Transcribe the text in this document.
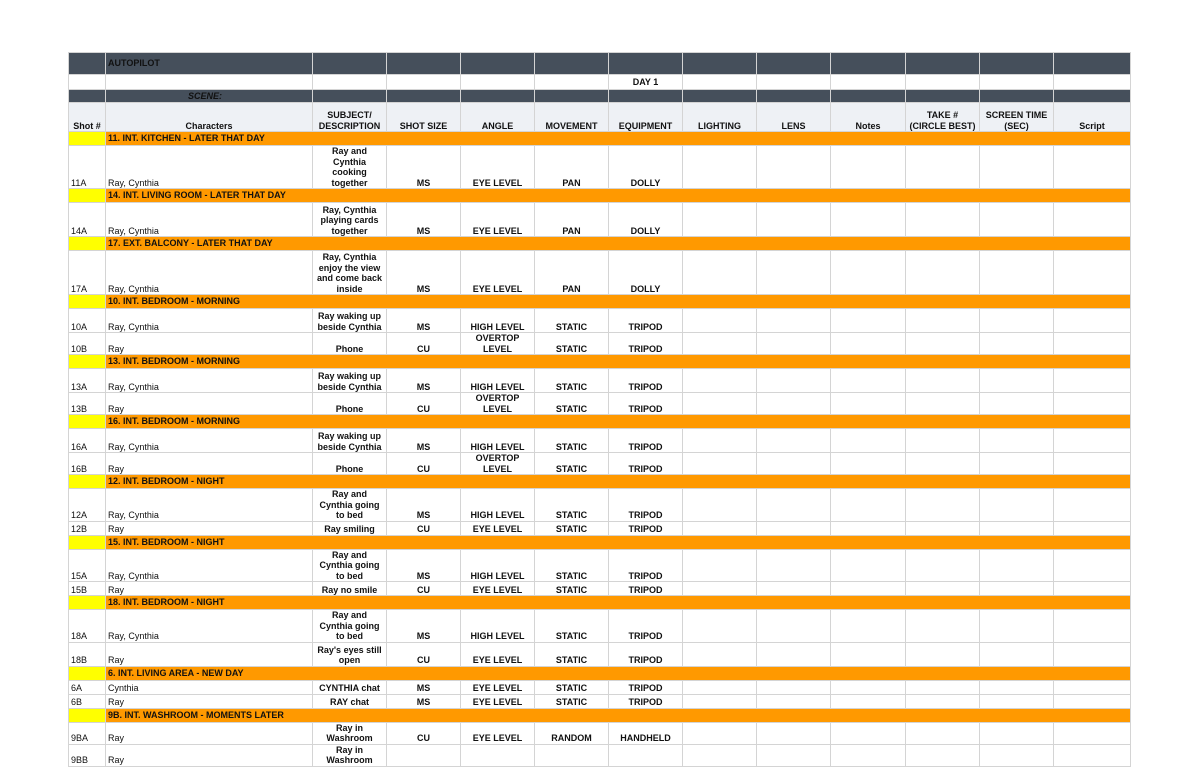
	AUTOPILOT											
						DAY 1						
	SCENE:											
Shot #	Characters	SUBJECT/ DESCRIPTION	SHOT SIZE	ANGLE	MOVEMENT	EQUIPMENT	LIGHTING	LENS	Notes	TAKE # (CIRCLE BEST)	SCREEN TIME (SEC)	Script
	11. INT. KITCHEN - LATER THAT DAY											
11A	Ray, Cynthia	Ray and Cynthia cooking together	MS	EYE LEVEL	PAN	DOLLY						
	14. INT. LIVING ROOM - LATER THAT DAY											
14A	Ray, Cynthia	Ray, Cynthia playing cards together	MS	EYE LEVEL	PAN	DOLLY						
	17. EXT. BALCONY - LATER THAT DAY											
17A	Ray, Cynthia	Ray, Cynthia enjoy the view and come back inside	MS	EYE LEVEL	PAN	DOLLY						
	10. INT. BEDROOM - MORNING											
10A	Ray, Cynthia	Ray waking up beside Cynthia	MS	HIGH LEVEL	STATIC	TRIPOD						
10B	Ray	Phone	CU	OVERTOP LEVEL	STATIC	TRIPOD						
	13. INT. BEDROOM - MORNING											
13A	Ray, Cynthia	Ray waking up beside Cynthia	MS	HIGH LEVEL	STATIC	TRIPOD						
13B	Ray	Phone	CU	OVERTOP LEVEL	STATIC	TRIPOD						
	16. INT. BEDROOM - MORNING											
16A	Ray, Cynthia	Ray waking up beside Cynthia	MS	HIGH LEVEL	STATIC	TRIPOD						
16B	Ray	Phone	CU	OVERTOP LEVEL	STATIC	TRIPOD						
	12. INT. BEDROOM - NIGHT											
12A	Ray, Cynthia	Ray and Cynthia going to bed	MS	HIGH LEVEL	STATIC	TRIPOD						
12B	Ray	Ray smiling	CU	EYE LEVEL	STATIC	TRIPOD						
	15. INT. BEDROOM - NIGHT											
15A	Ray, Cynthia	Ray and Cynthia going to bed	MS	HIGH LEVEL	STATIC	TRIPOD						
15B	Ray	Ray no smile	CU	EYE LEVEL	STATIC	TRIPOD						
	18. INT. BEDROOM - NIGHT											
18A	Ray, Cynthia	Ray and Cynthia going to bed	MS	HIGH LEVEL	STATIC	TRIPOD						
18B	Ray	Ray's eyes still open	CU	EYE LEVEL	STATIC	TRIPOD						
	6. INT. LIVING AREA - NEW DAY											
6A	Cynthia	CYNTHIA chat	MS	EYE LEVEL	STATIC	TRIPOD						
6B	Ray	RAY chat	MS	EYE LEVEL	STATIC	TRIPOD						
	9B. INT. WASHROOM - MOMENTS LATER											
9BA	Ray	Ray in Washroom	CU	EYE LEVEL	RANDOM	HANDHELD						
9BB	Ray	Ray in Washroom										
